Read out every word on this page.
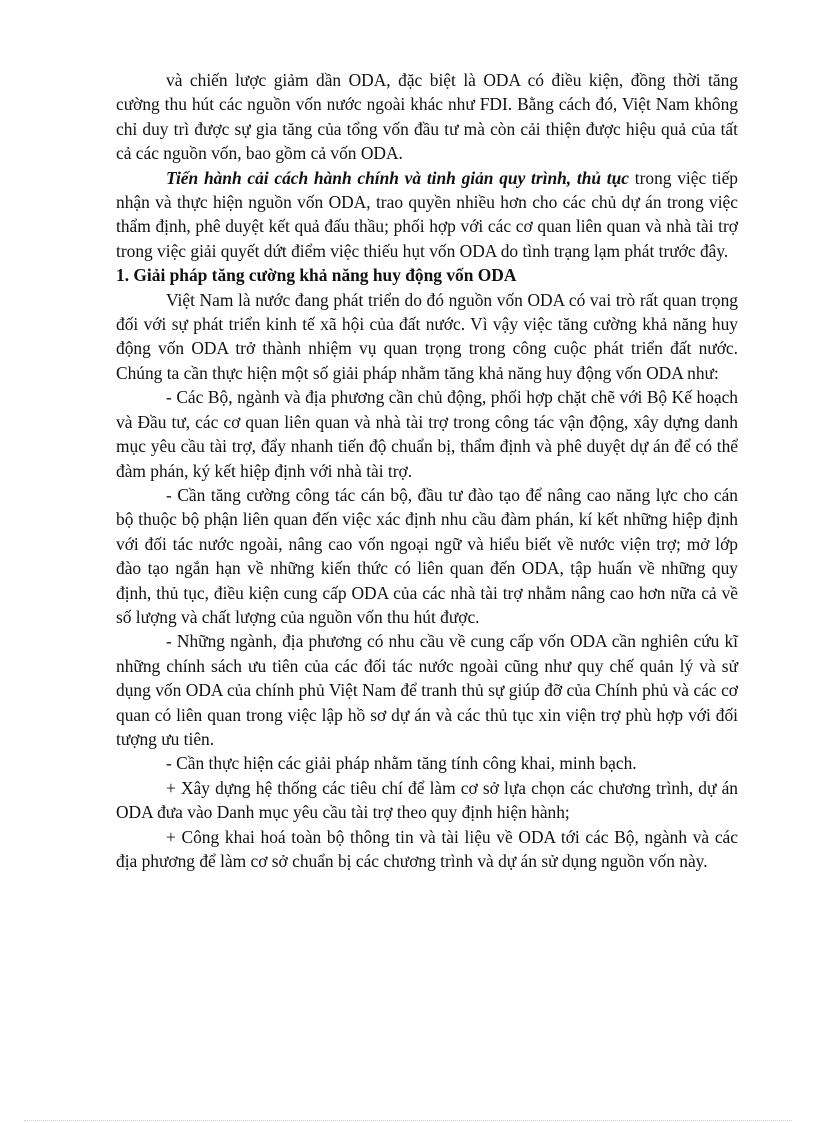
và chiến lược giảm dần ODA, đặc biệt là ODA có điều kiện, đồng thời tăng cường thu hút các nguồn vốn nước ngoài khác như FDI. Bằng cách đó, Việt Nam không chỉ duy trì được sự gia tăng của tổng vốn đầu tư mà còn cải thiện được hiệu quả của tất cả các nguồn vốn, bao gồm cả vốn ODA.

Tiến hành cải cách hành chính và tinh giản quy trình, thủ tục trong việc tiếp nhận và thực hiện nguồn vốn ODA, trao quyền nhiều hơn cho các chủ dự án trong việc thẩm định, phê duyệt kết quả đấu thầu; phối hợp với các cơ quan liên quan và nhà tài trợ trong việc giải quyết dứt điểm việc thiếu hụt vốn ODA do tình trạng lạm phát trước đây.

1. Giải pháp tăng cường khả năng huy động vốn ODA

Việt Nam là nước đang phát triển do đó nguồn vốn ODA có vai trò rất quan trọng đối với sự phát triển kinh tế xã hội của đất nước. Vì vậy việc tăng cường khả năng huy động vốn ODA trở thành nhiệm vụ quan trọng trong công cuộc phát triển đất nước. Chúng ta cần thực hiện một số giải pháp nhằm tăng khả năng huy động vốn ODA như:

- Các Bộ, ngành và địa phương cần chủ động, phối hợp chặt chẽ với Bộ Kế hoạch và Đầu tư, các cơ quan liên quan và nhà tài trợ trong công tác vận động, xây dựng danh mục yêu cầu tài trợ, đẩy nhanh tiến độ chuẩn bị, thẩm định và phê duyệt dự án để có thể đàm phán, ký kết hiệp định với nhà tài trợ.

- Cần tăng cường công tác cán bộ, đầu tư đào tạo để nâng cao năng lực cho cán bộ thuộc bộ phận liên quan đến việc xác định nhu cầu đàm phán, kí kết những hiệp định với đối tác nước ngoài, nâng cao vốn ngoại ngữ và hiểu biết về nước viện trợ; mở lớp đào tạo ngắn hạn về những kiến thức có liên quan đến ODA, tập huấn về những quy định, thủ tục, điều kiện cung cấp ODA của các nhà tài trợ nhằm nâng cao hơn nữa cả về số lượng và chất lượng của nguồn vốn thu hút được.

- Những ngành, địa phương có nhu cầu về cung cấp vốn ODA cần nghiên cứu kĩ những chính sách ưu tiên của các đối tác nước ngoài cũng như quy chế quản lý và sử dụng vốn ODA của chính phủ Việt Nam để tranh thủ sự giúp đỡ của Chính phủ và các cơ quan có liên quan trong việc lập hồ sơ dự án và các thủ tục xin viện trợ phù hợp với đối tượng ưu tiên.

- Cần thực hiện các giải pháp nhằm tăng tính công khai, minh bạch.

+ Xây dựng hệ thống các tiêu chí để làm cơ sở lựa chọn các chương trình, dự án ODA đưa vào Danh mục yêu cầu tài trợ theo quy định hiện hành;

+ Công khai hoá toàn bộ thông tin và tài liệu về ODA tới các Bộ, ngành và các địa phương để làm cơ sở chuẩn bị các chương trình và dự án sử dụng nguồn vốn này.
